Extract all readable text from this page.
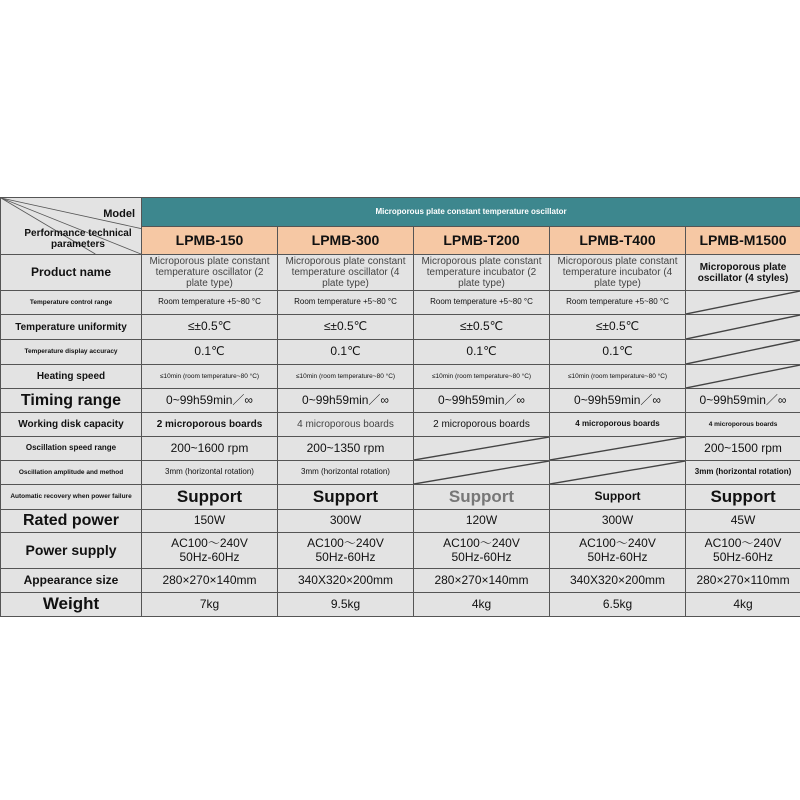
Model
Performance technical parameters	Microporous plate constant temperature oscillator				
	LPMB-150	LPMB-300	LPMB-T200	LPMB-T400	LPMB-M1500
Product name	Microporous plate constant temperature oscillator (2 plate type)	Microporous plate constant temperature oscillator (4 plate type)	Microporous plate constant temperature incubator (2 plate type)	Microporous plate constant temperature incubator (4 plate type)	Microporous plate oscillator (4 styles)
Temperature control range	Room temperature +5~80 °C	Room temperature +5~80 °C	Room temperature +5~80 °C	Room temperature +5~80 °C	

Temperature uniformity	≤±0.5℃	≤±0.5℃	≤±0.5℃	≤±0.5℃	

Temperature display accuracy	0.1℃	0.1℃	0.1℃	0.1℃	

Heating speed	≤10min (room temperature~80 °C)	≤10min (room temperature~80 °C)	≤10min (room temperature~80 °C)	≤10min (room temperature~80 °C)	

Timing range	0~99h59min／∞	0~99h59min／∞	0~99h59min／∞	0~99h59min／∞	0~99h59min／∞
Working disk capacity	2 microporous boards	4 microporous boards	2 microporous boards	4 microporous boards	4 microporous boards
Oscillation speed range	200~1600 rpm	200~1350 rpm			200~1500 rpm
Oscillation amplitude and method	3mm (horizontal rotation)	3mm (horizontal rotation)			3mm (horizontal rotation)
Automatic recovery when power failure	Support	Support	Support	Support	Support
Rated power	150W	300W	120W	300W	45W
Power supply	AC100～240V
50Hz-60Hz	AC100～240V
50Hz-60Hz	AC100～240V
50Hz-60Hz	AC100～240V
50Hz-60Hz	AC100～240V
50Hz-60Hz

Appearance size	280×270×140mm	340X320×200mm	280×270×140mm	340X320×200mm	280×270×110mm
Weight	7kg	9.5kg	4kg	6.5kg	4kg
